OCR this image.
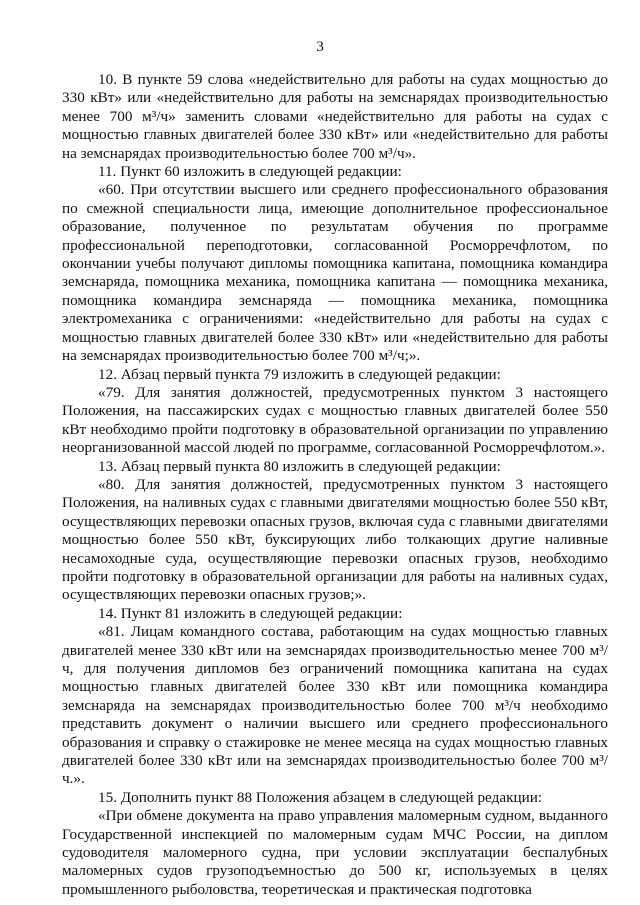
3

10. В пункте 59 слова «недействительно для работы на судах мощностью до 330 кВт» или «недействительно для работы на земснарядах производительностью менее 700 м³/ч» заменить словами «недействительно для работы на судах с мощностью главных двигателей более 330 кВт» или «недействительно для работы на земснарядах производительностью более 700 м³/ч».

11. Пункт 60 изложить в следующей редакции:

«60. При отсутствии высшего или среднего профессионального образования по смежной специальности лица, имеющие дополнительное профессиональное образование, полученное по результатам обучения по программе профессиональной переподготовки, согласованной Росморречфлотом, по окончании учебы получают дипломы помощника капитана, помощника командира земснаряда, помощника механика, помощника капитана — помощника механика, помощника командира земснаряда — помощника механика, помощника электромеханика с ограничениями: «недействительно для работы на судах с мощностью главных двигателей более 330 кВт» или «недействительно для работы на земснарядах производительностью более 700 м³/ч;».

12. Абзац первый пункта 79 изложить в следующей редакции:

«79. Для занятия должностей, предусмотренных пунктом 3 настоящего Положения, на пассажирских судах с мощностью главных двигателей более 550 кВт необходимо пройти подготовку в образовательной организации по управлению неорганизованной массой людей по программе, согласованной Росморречфлотом.».

13. Абзац первый пункта 80 изложить в следующей редакции:

«80. Для занятия должностей, предусмотренных пунктом 3 настоящего Положения, на наливных судах с главными двигателями мощностью более 550 кВт, осуществляющих перевозки опасных грузов, включая суда с главными двигателями мощностью более 550 кВт, буксирующих либо толкающих другие наливные несамоходные суда, осуществляющие перевозки опасных грузов, необходимо пройти подготовку в образовательной организации для работы на наливных судах, осуществляющих перевозки опасных грузов;».

14. Пункт 81 изложить в следующей редакции:

«81. Лицам командного состава, работающим на судах мощностью главных двигателей менее 330 кВт или на земснарядах производительностью менее 700 м³/ч, для получения дипломов без ограничений помощника капитана на судах мощностью главных двигателей более 330 кВт или помощника командира земснаряда на земснарядах производительностью более 700 м³/ч необходимо представить документ о наличии высшего или среднего профессионального образования и справку о стажировке не менее месяца на судах мощностью главных двигателей более 330 кВт или на земснарядах производительностью более 700 м³/ч.».

15. Дополнить пункт 88 Положения абзацем в следующей редакции:

«При обмене документа на право управления маломерным судном, выданного Государственной инспекцией по маломерным судам МЧС России, на диплом судоводителя маломерного судна, при условии эксплуатации беспалубных маломерных судов грузоподъемностью до 500 кг, используемых в целях промышленного рыболовства, теоретическая и практическая подготовка
